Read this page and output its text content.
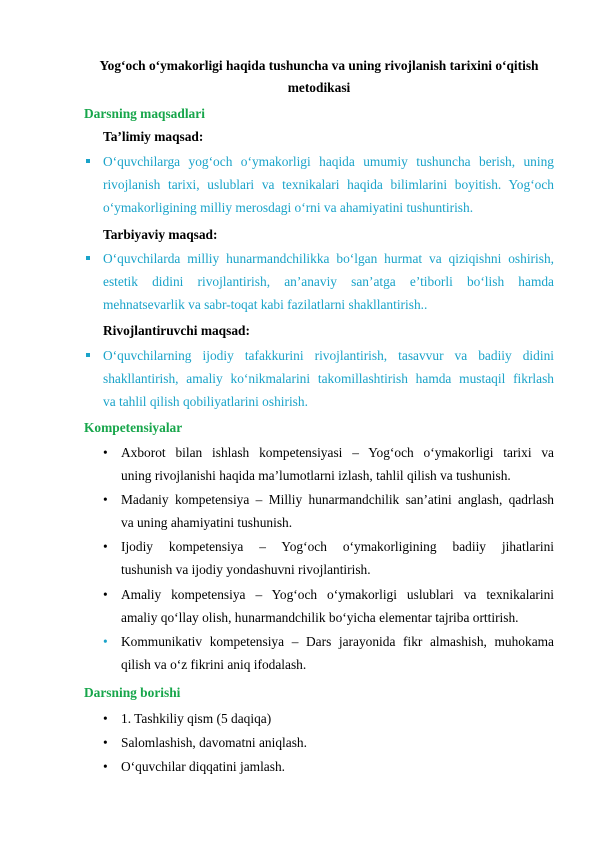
Yog‘och o‘ymakorligi haqida tushuncha va uning rivojlanish tarixini o‘qitish metodikasi
Darsning maqsadlari
Ta’limiy maqsad:
O‘quvchilarga yog‘och o‘ymakorligi haqida umumiy tushuncha berish, uning
rivojlanish tarixi, uslublari va texnikalari haqida bilimlarini boyitish. Yog‘och
o‘ymakorligining milliy merosdagi o‘rni va ahamiyatini tushuntirish.
Tarbiyaviy maqsad:
O‘quvchilarda milliy hunarmandchilikka bo‘lgan hurmat va qiziqishni oshirish,
estetik didini rivojlantirish, an’anaviy san’atga e’tiborli bo‘lish hamda
mehnatsevarlik va sabr-toqat kabi fazilatlarni shakllantirish..
Rivojlantiruvchi maqsad:
O‘quvchilarning ijodiy tafakkurini rivojlantirish, tasavvur va badiiy didini
shakllantirish, amaliy ko‘nikmalarini takomillashtirish hamda mustaqil fikrlash
va tahlil qilish qobiliyatlarini oshirish.
Kompetensiyalar
• Axborot bilan ishlash kompetensiyasi – Yog‘och o‘ymakorligi tarixi va
uning rivojlanishi haqida ma’lumotlarni izlash, tahlil qilish va tushunish.
• Madaniy kompetensiya – Milliy hunarmandchilik san’atini anglash, qadrlash
va uning ahamiyatini tushunish.
• Ijodiy kompetensiya – Yog‘och o‘ymakorligining badiiy jihatlarini
tushunish va ijodiy yondashuvni rivojlantirish.
• Amaliy kompetensiya – Yog‘och o‘ymakorligi uslublari va texnikalarini
amaliy qo‘llay olish, hunarmandchilik bo‘yicha elementar tajriba orttirish.
• Kommunikativ kompetensiya – Dars jarayonida fikr almashish, muhokama
qilish va o‘z fikrini aniq ifodalash.
Darsning borishi
• 1. Tashkiliy qism (5 daqiqa)
• Salomlashish, davomatni aniqlash.
• O‘quvchilar diqqatini jamlash.
